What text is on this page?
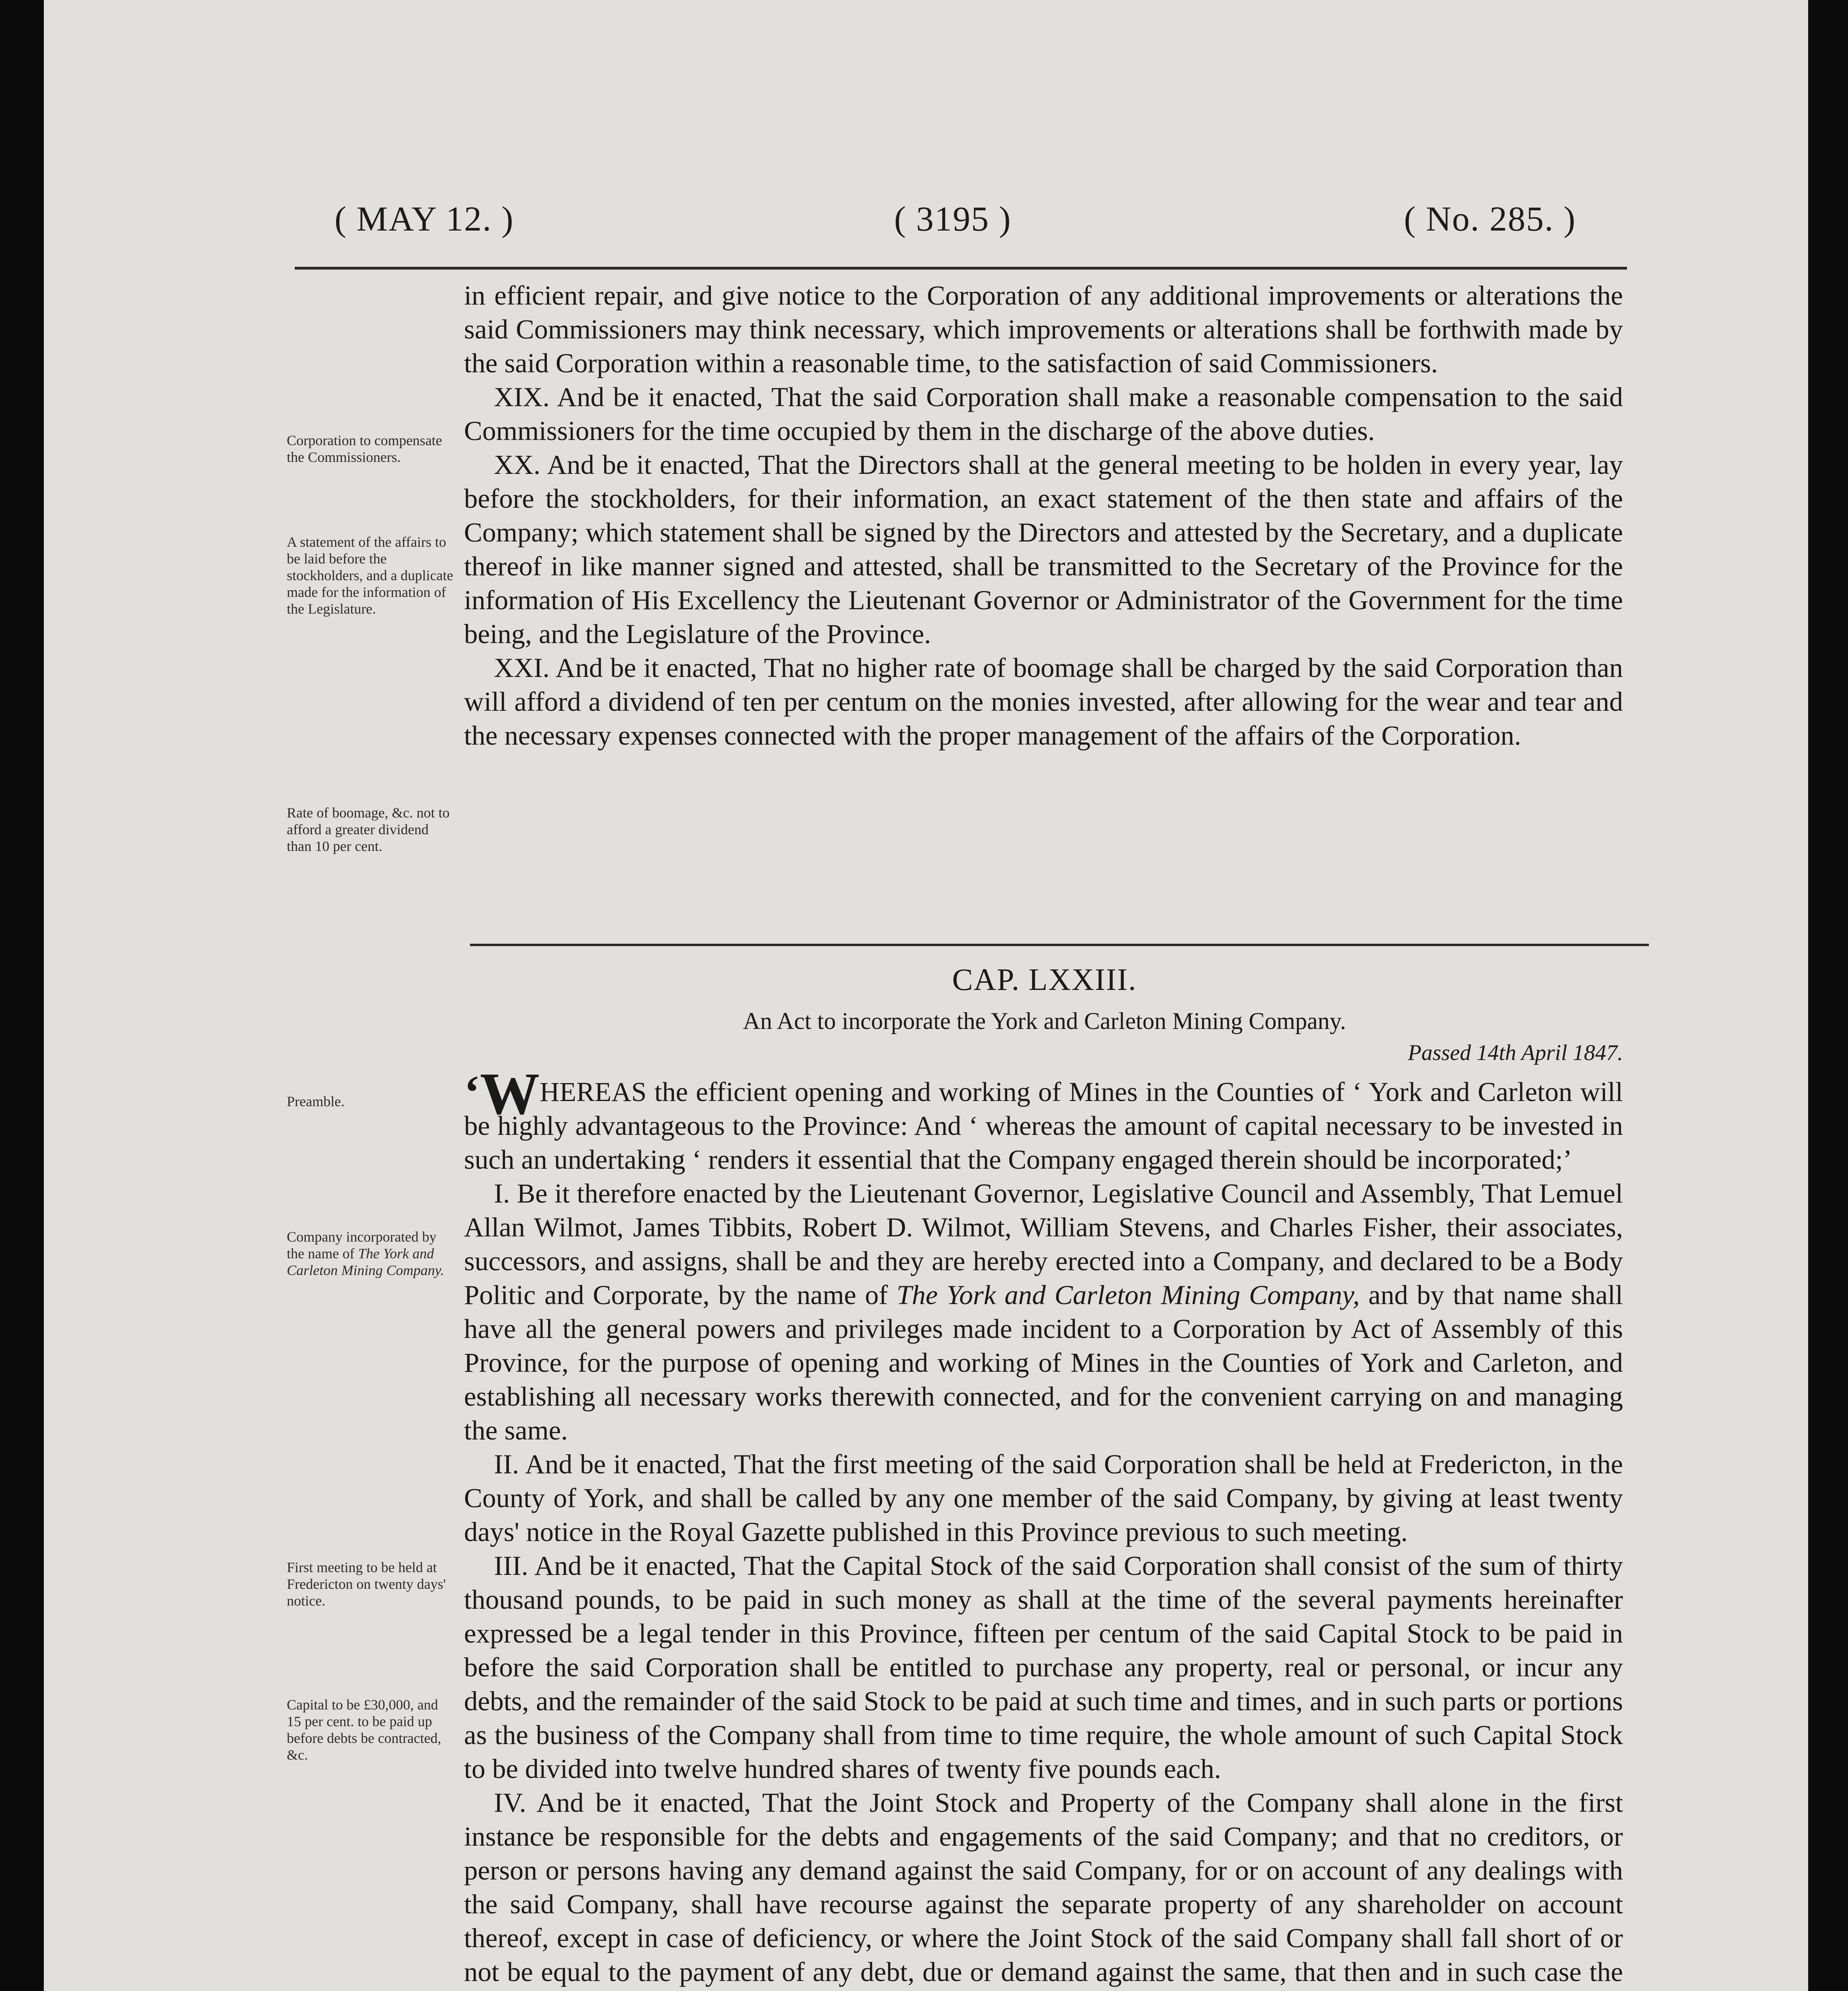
( MAY 12. )	( 3195 )	( No. 285. )

in efficient repair, and give notice to the Corporation of any additional improvements or alterations the said Commissioners may think necessary, which improvements or alterations shall be forthwith made by the said Corporation within a reasonable time, to the satisfaction of said Commissioners.

XIX. And be it enacted, That the said Corporation shall make a reasonable compensation to the said Commissioners for the time occupied by them in the discharge of the above duties.

XX. And be it enacted, That the Directors shall at the general meeting to be holden in every year, lay before the stockholders, for their information, an exact statement of the then state and affairs of the Company; which statement shall be signed by the Directors and attested by the Secretary, and a duplicate thereof in like manner signed and attested, shall be transmitted to the Secretary of the Province for the information of His Excellency the Lieutenant Governor or Administrator of the Government for the time being, and the Legislature of the Province.

XXI. And be it enacted, That no higher rate of boomage shall be charged by the said Corporation than will afford a dividend of ten per centum on the monies invested, after allowing for the wear and tear and the necessary expenses connected with the proper management of the affairs of the Corporation.

Corporation to compensate the Commissioners.
A statement of the affairs to be laid before the stockholders, and a duplicate made for the information of the Legislature.
Rate of boomage, &c. not to afford a greater dividend than 10 per cent.
CAP. LXXIII.
An Act to incorporate the York and Carleton Mining Company.
Passed 14th April 1847.

‘WHEREAS the efficient opening and working of Mines in the Counties of ‘ York and Carleton will be highly advantageous to the Province: And ‘ whereas the amount of capital necessary to be invested in such an undertaking ‘ renders it essential that the Company engaged therein should be incorporated;’

I. Be it therefore enacted by the Lieutenant Governor, Legislative Council and Assembly, That Lemuel Allan Wilmot, James Tibbits, Robert D. Wilmot, William Stevens, and Charles Fisher, their associates, successors, and assigns, shall be and they are hereby erected into a Company, and declared to be a Body Politic and Corporate, by the name of The York and Carleton Mining Company, and by that name shall have all the general powers and privileges made incident to a Corporation by Act of Assembly of this Province, for the purpose of opening and working of Mines in the Counties of York and Carleton, and establishing all necessary works therewith connected, and for the convenient carrying on and managing the same.

II. And be it enacted, That the first meeting of the said Corporation shall be held at Fredericton, in the County of York, and shall be called by any one member of the said Company, by giving at least twenty days' notice in the Royal Gazette published in this Province previous to such meeting.

III. And be it enacted, That the Capital Stock of the said Corporation shall consist of the sum of thirty thousand pounds, to be paid in such money as shall at the time of the several payments hereinafter expressed be a legal tender in this Province, fifteen per centum of the said Capital Stock to be paid in before the said Corporation shall be entitled to purchase any property, real or personal, or incur any debts, and the remainder of the said Stock to be paid at such time and times, and in such parts or portions as the business of the Company shall from time to time require, the whole amount of such Capital Stock to be divided into twelve hundred shares of twenty five pounds each.

IV. And be it enacted, That the Joint Stock and Property of the Company shall alone in the first instance be responsible for the debts and engagements of the said Company; and that no creditors, or person or persons having any demand against the said Company, for or on account of any dealings with the said Company, shall have recourse against the separate property of any shareholder on account thereof, except in case of deficiency, or where the Joint Stock of the said Company shall fall short of or not be equal to the payment of any debt, due or demand against the same, that then and in such case the

Preamble.
Company incorporated by the name of The York and Carleton Mining Company.
First meeting to be held at Fredericton on twenty days' notice.
Capital to be £30,000, and 15 per cent. to be paid up before debts be contracted, &c.
